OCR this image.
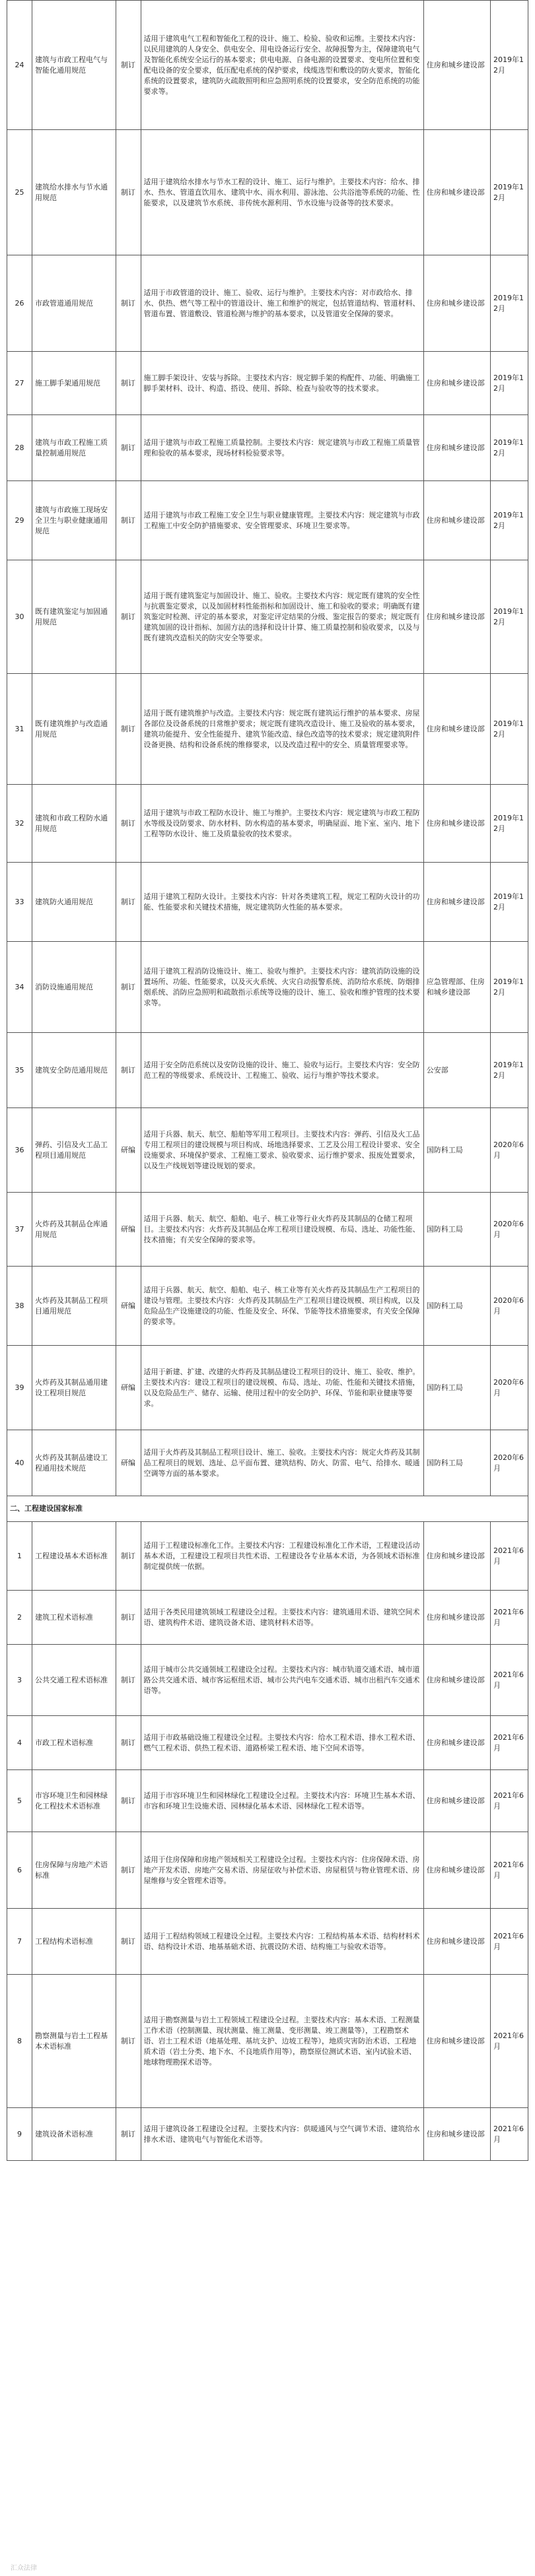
24	建筑与市政工程电气与智能化通用规范	制订	适用于建筑电气工程和智能化工程的设计、施工、检验、验收和运维。主要技术内容：以民用建筑的人身安全、供电安全、用电设备运行安全、故障报警为主，保障建筑电气及智能化系统安全运行的基本要求；供电电源、自备电源的设置要求、变电所位置和变配电设备的安全要求，低压配电系统的保护要求，线缆选型和敷设的防火要求，智能化系统的设置要求，建筑防火疏散照明和应急照明系统的设置要求，安全防范系统的功能要求等。	住房和城乡建设部	2019年12月
25	建筑给水排水与节水通用规范	制订	适用于建筑给水排水与节水工程的设计、施工、运行与维护。主要技术内容：给水、排水、热水、管道直饮用水、建筑中水、雨水利用、游泳池、公共浴池等系统的功能、性能要求，以及建筑节水系统、非传统水源利用、节水设施与设备等的技术要求。	住房和城乡建设部	2019年12月
26	市政管道通用规范	制订	适用于市政管道的设计、施工、验收、运行与维护。主要技术内容：对市政给水、排水、供热、燃气等工程中的管道设计、施工和维护的规定，包括管道结构、管道材料、管道布置、管道敷设、管道检测与维护的基本要求，以及管道安全保障的要求。	住房和城乡建设部	2019年12月
27	施工脚手架通用规范	制订	施工脚手架设计、安装与拆除。主要技术内容：规定脚手架的构配件、功能、明确施工脚手架材料、设计、构造、搭设、使用、拆除、检查与验收等的技术要求。	住房和城乡建设部	2019年12月
28	建筑与市政工程施工质量控制通用规范	制订	适用于建筑与市政工程施工质量控制。主要技术内容：规定建筑与市政工程施工质量管理和验收的基本要求，现场材料检验要求等。	住房和城乡建设部	2019年12月
29	建筑与市政施工现场安全卫生与职业健康通用规范	制订	适用于建筑与市政工程施工安全卫生与职业健康管理。主要技术内容：规定建筑与市政工程施工中安全防护措施要求、安全管理要求、环境卫生要求等。	住房和城乡建设部	2019年12月
30	既有建筑鉴定与加固通用规范	制订	适用于既有建筑鉴定与加固设计、施工、验收。主要技术内容：规定既有建筑的安全性与抗震鉴定要求，以及加固材料性能指标和加固设计、施工和验收的要求；明确既有建筑鉴定时检测、评定的基本要求，对鉴定评定结果的分级、鉴定报告的要求；规定既有建筑加固的设计指标、加固方法的选择和设计计算、施工质量控制和验收要求，以及与既有建筑改造相关的防灾安全等要求。	住房和城乡建设部	2019年12月
31	既有建筑维护与改造通用规范	制订	适用于既有建筑维护与改造。主要技术内容：规定既有建筑运行维护的基本要求、房屋各部位及设备系统的日常维护要求；规定既有建筑改造设计、施工及验收的基本要求，建筑功能提升、安全性能提升、建筑节能改造、绿色改造等的技术要求；规定建筑附件设备更换、结构和设备系统的维修要求，以及改造过程中的安全、质量管理要求等。	住房和城乡建设部	2019年12月
32	建筑和市政工程防水通用规范	制订	适用于建筑与市政工程防水设计、施工与维护。主要技术内容：规定建筑与市政工程防水等级及设防要求、防水材料、防水构造的基本要求，明确屋面、地下室、室内、地下工程等防水设计、施工及质量验收的技术要求。	住房和城乡建设部	2019年12月
33	建筑防火通用规范	制订	适用于建筑工程防火设计。主要技术内容：针对各类建筑工程，规定工程防火设计的功能、性能要求和关键技术措施，规定建筑防火性能的基本要求。	住房和城乡建设部	2019年12月
34	消防设施通用规范	制订	适用于建筑工程消防设施设计、施工、验收与维护。主要技术内容：建筑消防设施的设置场所、功能、性能要求，以及灭火系统、火灾自动报警系统、消防给水系统、防烟排烟系统、消防应急照明和疏散指示系统等设施的设计、施工、验收和维护管理的技术要求等。	应急管理部、住房和城乡建设部	2019年12月
35	建筑安全防范通用规范	制订	适用于安全防范系统以及安防设施的设计、施工、验收与运行。主要技术内容：安全防范工程的等级要求、系统设计、工程施工、验收、运行与维护等技术要求。	公安部	2019年12月
36	弹药、引信及火工品工程项目通用规范	研编	适用于兵器、航天、航空、船舶等军用工程项目。主要技术内容：弹药、引信及火工品专用工程项目的建设规模与项目构成、场地选择要求、工艺及公用工程设计要求、安全设施要求、环境保护要求、工程施工要求、验收要求、运行维护要求、报废处置要求，以及生产线规划等建设规划的要求。	国防科工局	2020年6月
37	火炸药及其制品仓库通用规范	研编	适用于兵器、航天、航空、船舶、电子、核工业等行业火炸药及其制品的仓储工程项目。主要技术内容：火炸药及其制品仓库工程项目建设规模、布局、选址、功能性能、技术措施；有关安全保障的要求等。	国防科工局	2020年6月
38	火炸药及其制品工程项目通用规范	研编	适用于兵器、航天、航空、船舶、电子、核工业等有关火炸药及其制品生产工程项目的建设与管理。主要技术内容：火炸药及其制品生产工程项目建设规模、项目构成，以及危险品生产设施建设的功能、性能及安全、环保、节能等技术措施要求，有关安全保障的要求等。	国防科工局	2020年6月
39	火炸药及其制品通用建设工程项目规范	研编	适用于新建、扩建、改建的火炸药及其制品建设工程项目的设计、施工、验收、维护。主要技术内容：建设工程项目的建设规模、布局、选址、功能、性能和关键技术措施，以及危险品生产、储存、运输、使用过程中的安全防护、环保、节能和职业健康等要求。	国防科工局	2020年6月
40	火炸药及其制品建设工程通用技术规范	研编	适用于火炸药及其制品工程项目设计、施工、验收。主要技术内容：规定火炸药及其制品工程项目的规划、选址、总平面布置、建筑结构、防火、防雷、电气、给排水、暖通空调等方面的基本要求。	国防科工局	2020年6月
二、工程建设国家标准					
1	工程建设基本术语标准	制订	适用于工程建设标准化工作。主要技术内容：工程建设标准化工作术语，工程建设活动基本术语，工程建设工程项目共性术语、工程建设各专业基本术语，为各领域术语标准制定提供统一依据。	住房和城乡建设部	2021年6月
2	建筑工程术语标准	制订	适用于各类民用建筑领域工程建设全过程。主要技术内容：建筑通用术语、建筑空间术语、建筑构件术语、建筑设备术语、建筑材料术语等。	住房和城乡建设部	2021年6月
3	公共交通工程术语标准	制订	适用于城市公共交通领域工程建设全过程。主要技术内容：城市轨道交通术语、城市道路公共交通术语、城市客运枢纽术语、城市公共汽电车交通术语、城市出租汽车交通术语等。	住房和城乡建设部	2021年6月
4	市政工程术语标准	制订	适用于市政基础设施工程建设全过程。主要技术内容：给水工程术语、排水工程术语、燃气工程术语、供热工程术语、道路桥梁工程术语、地下空间术语等。	住房和城乡建设部	2021年6月
5	市容环境卫生和园林绿化工程技术术语标准	制订	适用于市容环境卫生和园林绿化工程建设全过程。主要技术内容：环境卫生基本术语、市容和环境卫生设施术语、园林绿化基本术语、园林绿化工程术语等。	住房和城乡建设部	2021年6月
6	住房保障与房地产术语标准	制订	适用于住房保障和房地产领域相关工程建设全过程。主要技术内容：住房保障术语、房地产开发术语、房地产交易术语、房屋征收与补偿术语、房屋租赁与物业管理术语、房屋维修与安全管理术语等。	住房和城乡建设部	2021年6月
7	工程结构术语标准	制订	适用于工程结构领域工程建设全过程。主要技术内容：工程结构基本术语、结构材料术语、结构设计术语、地基基础术语、抗震设防术语、结构施工与验收术语等。	住房和城乡建设部	2021年6月
8	勘察测量与岩土工程基本术语标准	制订	适用于勘察测量与岩土工程领域工程建设全过程。主要技术内容：基本术语、工程测量工作术语（控制测量、现状测量、施工测量、变形测量、竣工测量等），工程勘察术语、岩土工程术语（地基处理、基坑支护、边坡工程等），地质灾害防治术语、工程地质术语（岩土分类、地下水、不良地质作用等），勘察原位测试术语、室内试验术语、地球物理勘探术语等。	住房和城乡建设部	2021年6月
9	建筑设备术语标准	制订	适用于建筑设备工程建设全过程。主要技术内容：供暖通风与空气调节术语、建筑给水排水术语、建筑电气与智能化术语等。	住房和城乡建设部	2021年6月
汇众法律
